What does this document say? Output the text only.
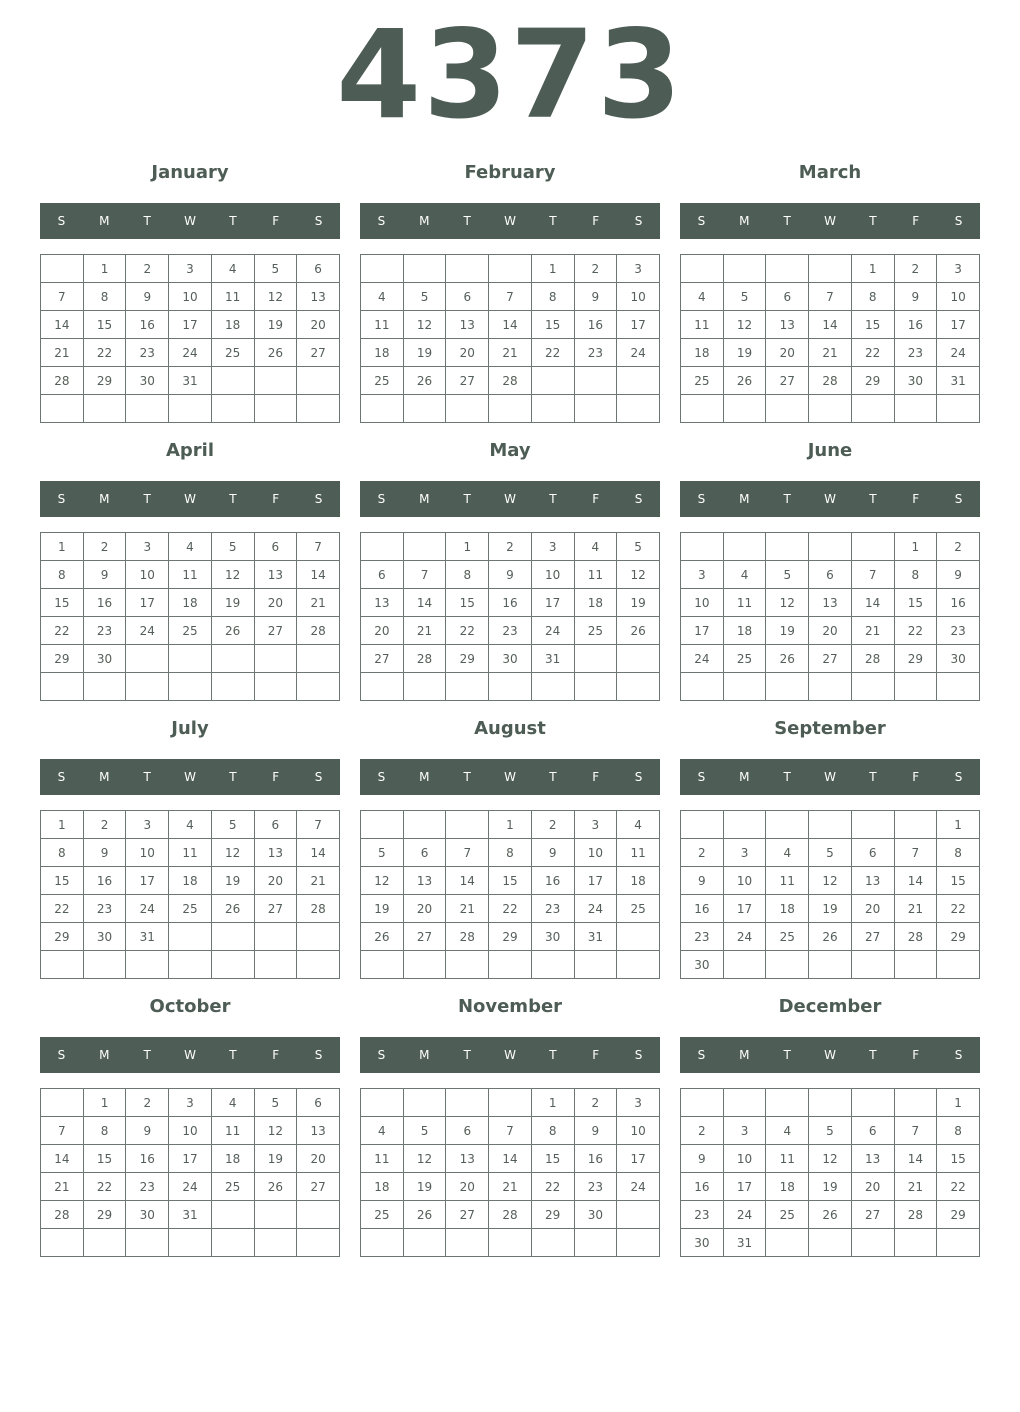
4373
January
S	M	T	W	T	F	S
	1	2	3	4	5	6
7	8	9	10	11	12	13
14	15	16	17	18	19	20
21	22	23	24	25	26	27
28	29	30	31			

February
S	M	T	W	T	F	S
				1	2	3
4	5	6	7	8	9	10
11	12	13	14	15	16	17
18	19	20	21	22	23	24
25	26	27	28			

March
S	M	T	W	T	F	S
				1	2	3
4	5	6	7	8	9	10
11	12	13	14	15	16	17
18	19	20	21	22	23	24
25	26	27	28	29	30	31

April
S	M	T	W	T	F	S
1	2	3	4	5	6	7
8	9	10	11	12	13	14
15	16	17	18	19	20	21
22	23	24	25	26	27	28
29	30					

May
S	M	T	W	T	F	S
		1	2	3	4	5
6	7	8	9	10	11	12
13	14	15	16	17	18	19
20	21	22	23	24	25	26
27	28	29	30	31		

June
S	M	T	W	T	F	S
					1	2
3	4	5	6	7	8	9
10	11	12	13	14	15	16
17	18	19	20	21	22	23
24	25	26	27	28	29	30

July
S	M	T	W	T	F	S
1	2	3	4	5	6	7
8	9	10	11	12	13	14
15	16	17	18	19	20	21
22	23	24	25	26	27	28
29	30	31				

August
S	M	T	W	T	F	S
			1	2	3	4
5	6	7	8	9	10	11
12	13	14	15	16	17	18
19	20	21	22	23	24	25
26	27	28	29	30	31	

September
S	M	T	W	T	F	S
						1
2	3	4	5	6	7	8
9	10	11	12	13	14	15
16	17	18	19	20	21	22
23	24	25	26	27	28	29
30						
October
S	M	T	W	T	F	S
	1	2	3	4	5	6
7	8	9	10	11	12	13
14	15	16	17	18	19	20
21	22	23	24	25	26	27
28	29	30	31			

November
S	M	T	W	T	F	S
				1	2	3
4	5	6	7	8	9	10
11	12	13	14	15	16	17
18	19	20	21	22	23	24
25	26	27	28	29	30	

December
S	M	T	W	T	F	S
						1
2	3	4	5	6	7	8
9	10	11	12	13	14	15
16	17	18	19	20	21	22
23	24	25	26	27	28	29
30	31					
